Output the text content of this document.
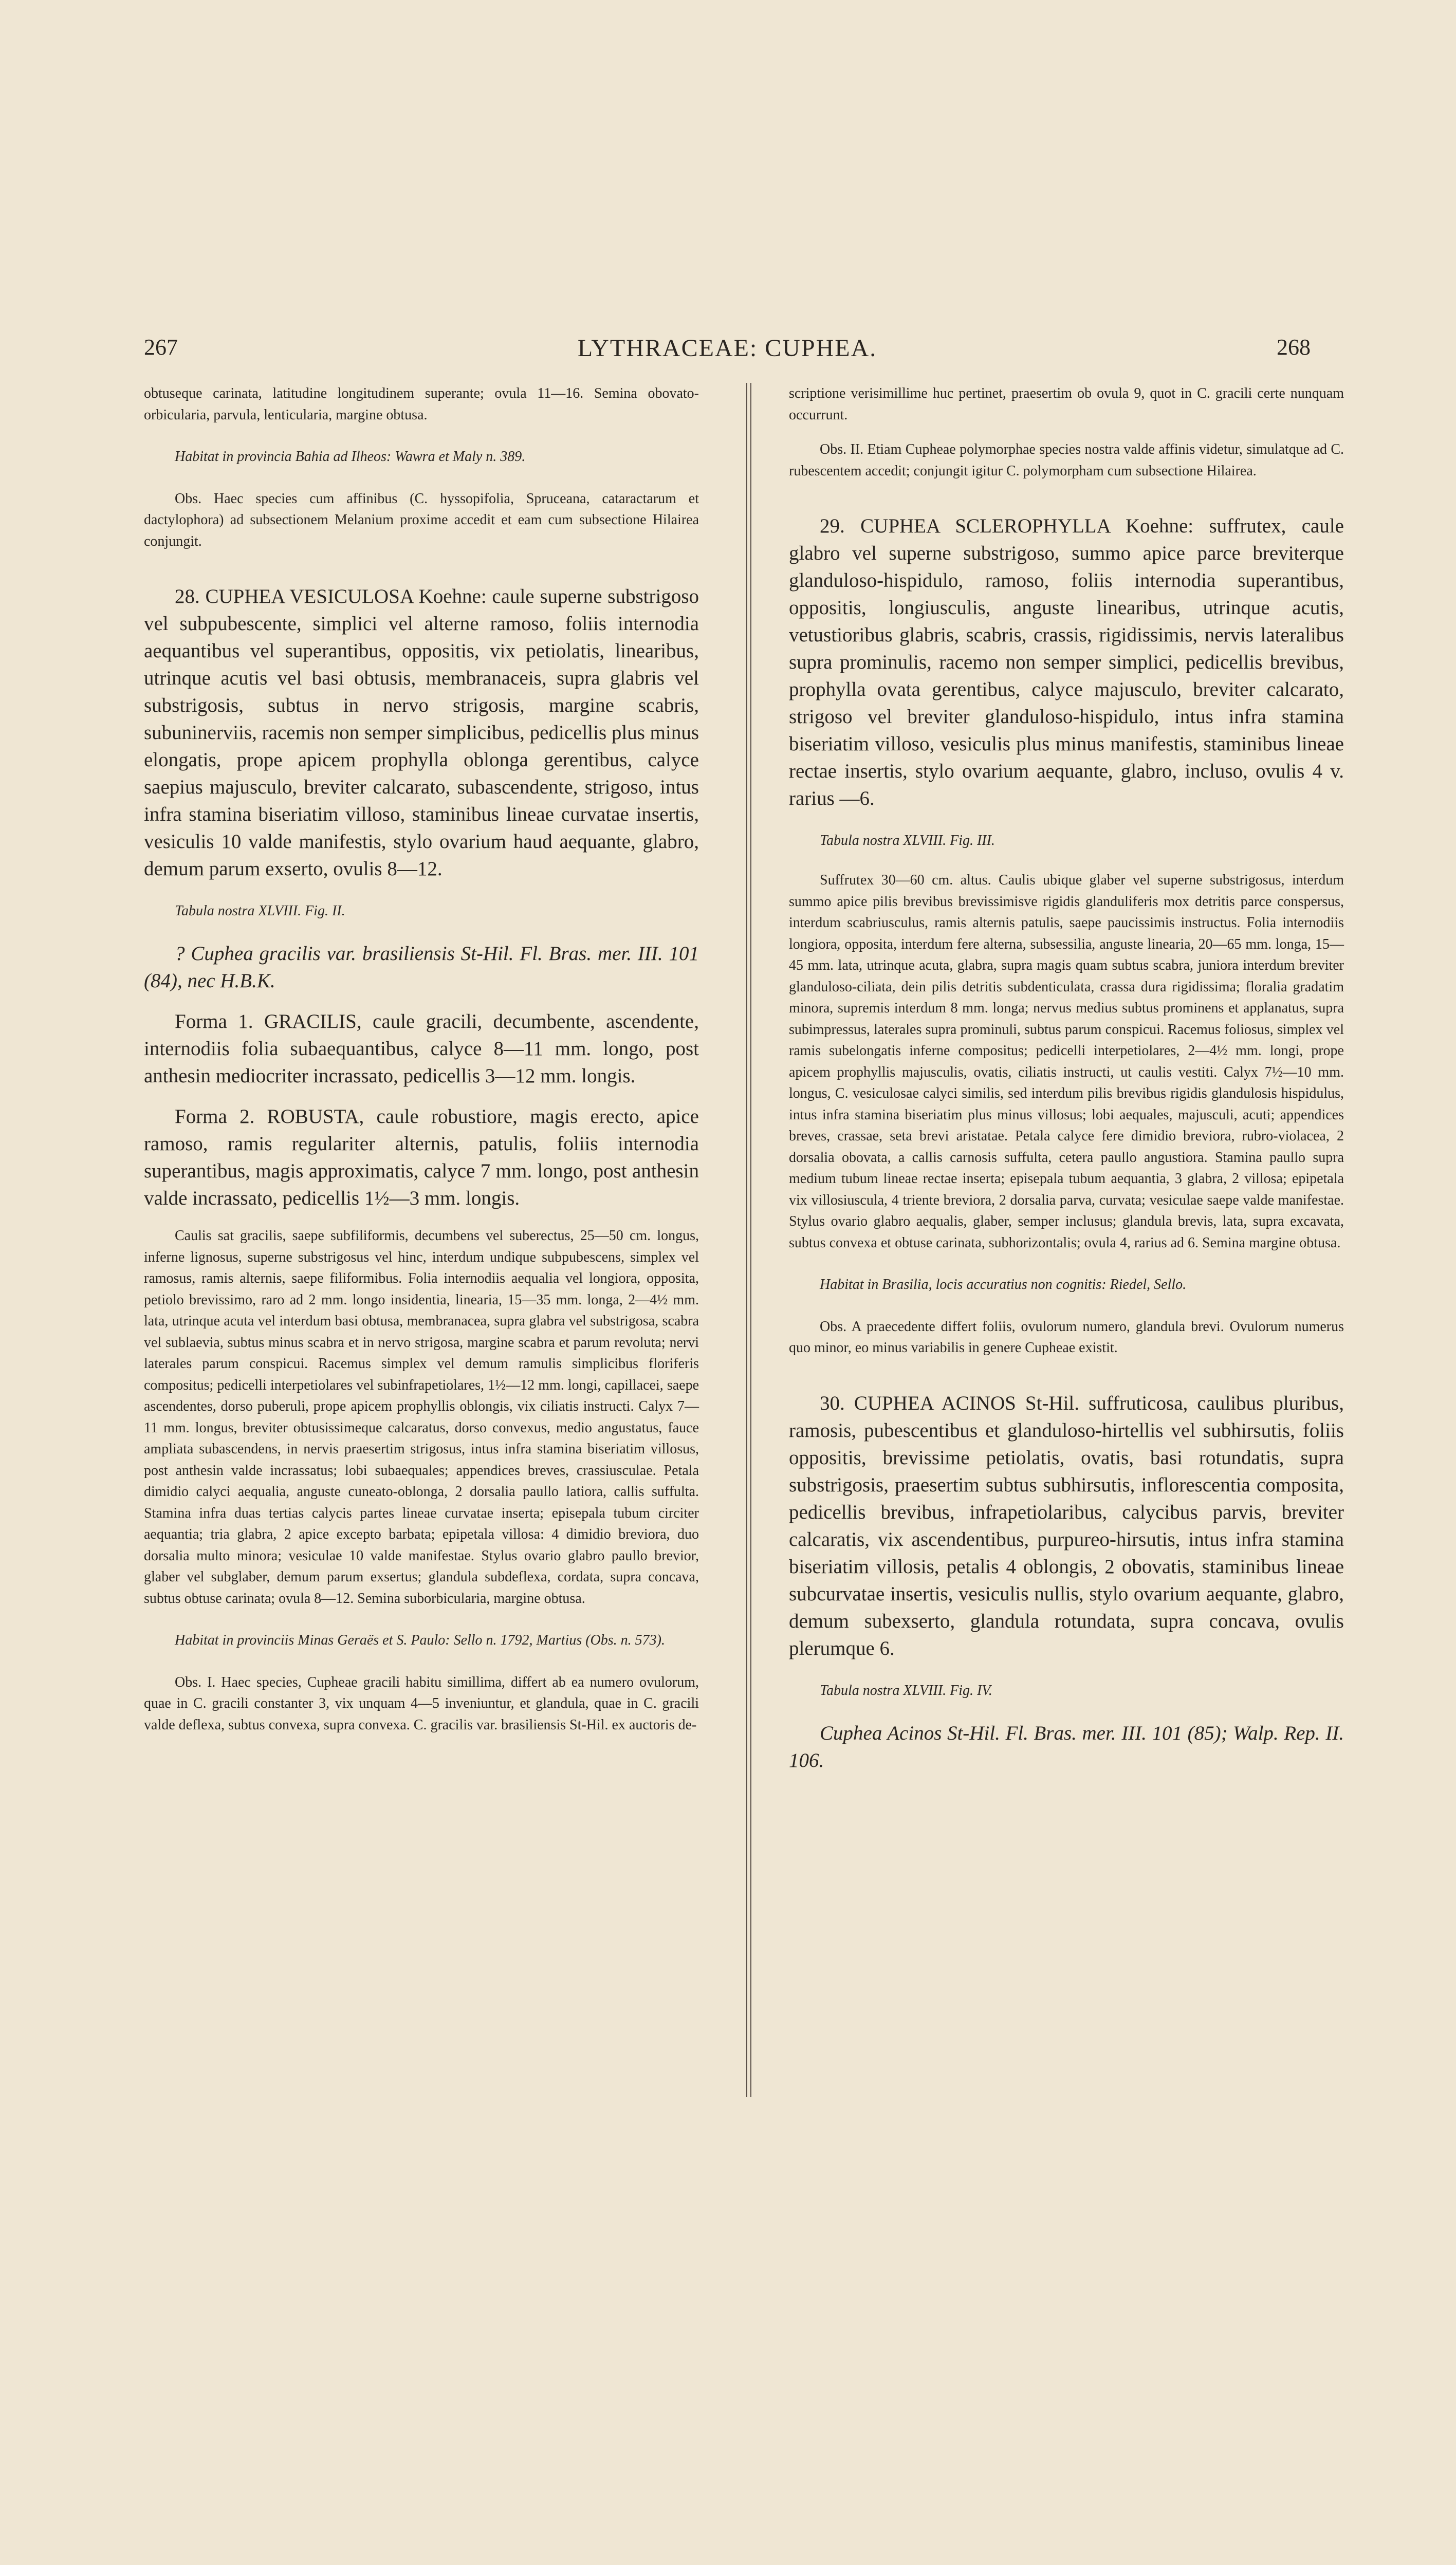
267	LYTHRACEAE: CUPHEA.	268

obtuseque carinata, latitudine longitudinem superante; ovula 11—16. Semina obovato-orbicularia, parvula, lenticularia, margine obtusa.

Habitat in provincia Bahia ad Ilheos: Wawra et Maly n. 389.

Obs. Haec species cum affinibus (C. hyssopifolia, Spruceana, cataractarum et dactylophora) ad subsectionem Melanium proxime accedit et eam cum subsectione Hilairea conjungit.

28. CUPHEA VESICULOSA Koehne: caule superne substrigoso vel subpubescente, simplici vel alterne ramoso, foliis internodia aequantibus vel superantibus, oppositis, vix petiolatis, linearibus, utrinque acutis vel basi obtusis, membranaceis, supra glabris vel substrigosis, subtus in nervo strigosis, margine scabris, subuninerviis, racemis non semper simplicibus, pedicellis plus minus elongatis, prope apicem prophylla oblonga gerentibus, calyce saepius majusculo, breviter calcarato, subascendente, strigoso, intus infra stamina biseriatim villoso, staminibus lineae curvatae insertis, vesiculis 10 valde manifestis, stylo ovarium haud aequante, glabro, demum parum exserto, ovulis 8—12.

Tabula nostra XLVIII. Fig. II.

? Cuphea gracilis var. brasiliensis St-Hil. Fl. Bras. mer. III. 101 (84), nec H.B.K.

Forma 1. GRACILIS, caule gracili, decumbente, ascendente, internodiis folia subaequantibus, calyce 8—11 mm. longo, post anthesin mediocriter incrassato, pedicellis 3—12 mm. longis.

Forma 2. ROBUSTA, caule robustiore, magis erecto, apice ramoso, ramis regulariter alternis, patulis, foliis internodia superantibus, magis approximatis, calyce 7 mm. longo, post anthesin valde incrassato, pedicellis 1½—3 mm. longis.

Caulis sat gracilis, saepe subfiliformis, decumbens vel suberectus, 25—50 cm. longus, inferne lignosus, superne substrigosus vel hinc, interdum undique subpubescens, simplex vel ramosus, ramis alternis, saepe filiformibus. Folia internodiis aequalia vel longiora, opposita, petiolo brevissimo, raro ad 2 mm. longo insidentia, linearia, 15—35 mm. longa, 2—4½ mm. lata, utrinque acuta vel interdum basi obtusa, membranacea, supra glabra vel substrigosa, scabra vel sublaevia, subtus minus scabra et in nervo strigosa, margine scabra et parum revoluta; nervi laterales parum conspicui. Racemus simplex vel demum ramulis simplicibus floriferis compositus; pedicelli interpetiolares vel subinfrapetiolares, 1½—12 mm. longi, capillacei, saepe ascendentes, dorso puberuli, prope apicem prophyllis oblongis, vix ciliatis instructi. Calyx 7—11 mm. longus, breviter obtusissimeque calcaratus, dorso convexus, medio angustatus, fauce ampliata subascendens, in nervis praesertim strigosus, intus infra stamina biseriatim villosus, post anthesin valde incrassatus; lobi subaequales; appendices breves, crassiusculae. Petala dimidio calyci aequalia, anguste cuneato-oblonga, 2 dorsalia paullo latiora, callis suffulta. Stamina infra duas tertias calycis partes lineae curvatae inserta; episepala tubum circiter aequantia; tria glabra, 2 apice excepto barbata; epipetala villosa: 4 dimidio breviora, duo dorsalia multo minora; vesiculae 10 valde manifestae. Stylus ovario glabro paullo brevior, glaber vel subglaber, demum parum exsertus; glandula subdeflexa, cordata, supra concava, subtus obtuse carinata; ovula 8—12. Semina suborbicularia, margine obtusa.

Habitat in provinciis Minas Geraës et S. Paulo: Sello n. 1792, Martius (Obs. n. 573).

Obs. I. Haec species, Cupheae gracili habitu simillima, differt ab ea numero ovulorum, quae in C. gracili constanter 3, vix unquam 4—5 inveniuntur, et glandula, quae in C. gracili valde deflexa, subtus convexa, supra convexa. C. gracilis var. brasiliensis St-Hil. ex auctoris de-

scriptione verisimillime huc pertinet, praesertim ob ovula 9, quot in C. gracili certe nunquam occurrunt.

Obs. II. Etiam Cupheae polymorphae species nostra valde affinis videtur, simulatque ad C. rubescentem accedit; conjungit igitur C. polymorpham cum subsectione Hilairea.

29. CUPHEA SCLEROPHYLLA Koehne: suffrutex, caule glabro vel superne substrigoso, summo apice parce breviterque glanduloso-hispidulo, ramoso, foliis internodia superantibus, oppositis, longiusculis, anguste linearibus, utrinque acutis, vetustioribus glabris, scabris, crassis, rigidissimis, nervis lateralibus supra prominulis, racemo non semper simplici, pedicellis brevibus, prophylla ovata gerentibus, calyce majusculo, breviter calcarato, strigoso vel breviter glanduloso-hispidulo, intus infra stamina biseriatim villoso, vesiculis plus minus manifestis, staminibus lineae rectae insertis, stylo ovarium aequante, glabro, incluso, ovulis 4 v. rarius —6.

Tabula nostra XLVIII. Fig. III.

Suffrutex 30—60 cm. altus. Caulis ubique glaber vel superne substrigosus, interdum summo apice pilis brevibus brevissimisve rigidis glanduliferis mox detritis parce conspersus, interdum scabriusculus, ramis alternis patulis, saepe paucissimis instructus. Folia internodiis longiora, opposita, interdum fere alterna, subsessilia, anguste linearia, 20—65 mm. longa, 15—45 mm. lata, utrinque acuta, glabra, supra magis quam subtus scabra, juniora interdum breviter glanduloso-ciliata, dein pilis detritis subdenticulata, crassa dura rigidissima; floralia gradatim minora, supremis interdum 8 mm. longa; nervus medius subtus prominens et applanatus, supra subimpressus, laterales supra prominuli, subtus parum conspicui. Racemus foliosus, simplex vel ramis subelongatis inferne compositus; pedicelli interpetiolares, 2—4½ mm. longi, prope apicem prophyllis majusculis, ovatis, ciliatis instructi, ut caulis vestiti. Calyx 7½—10 mm. longus, C. vesiculosae calyci similis, sed interdum pilis brevibus rigidis glandulosis hispidulus, intus infra stamina biseriatim plus minus villosus; lobi aequales, majusculi, acuti; appendices breves, crassae, seta brevi aristatae. Petala calyce fere dimidio breviora, rubro-violacea, 2 dorsalia obovata, a callis carnosis suffulta, cetera paullo angustiora. Stamina paullo supra medium tubum lineae rectae inserta; episepala tubum aequantia, 3 glabra, 2 villosa; epipetala vix villosiuscula, 4 triente breviora, 2 dorsalia parva, curvata; vesiculae saepe valde manifestae. Stylus ovario glabro aequalis, glaber, semper inclusus; glandula brevis, lata, supra excavata, subtus convexa et obtuse carinata, subhorizontalis; ovula 4, rarius ad 6. Semina margine obtusa.

Habitat in Brasilia, locis accuratius non cognitis: Riedel, Sello.

Obs. A praecedente differt foliis, ovulorum numero, glandula brevi. Ovulorum numerus quo minor, eo minus variabilis in genere Cupheae existit.

30. CUPHEA ACINOS St-Hil. suffruticosa, caulibus pluribus, ramosis, pubescentibus et glanduloso-hirtellis vel subhirsutis, foliis oppositis, brevissime petiolatis, ovatis, basi rotundatis, supra substrigosis, praesertim subtus subhirsutis, inflorescentia composita, pedicellis brevibus, infrapetiolaribus, calycibus parvis, breviter calcaratis, vix ascendentibus, purpureo-hirsutis, intus infra stamina biseriatim villosis, petalis 4 oblongis, 2 obovatis, staminibus lineae subcurvatae insertis, vesiculis nullis, stylo ovarium aequante, glabro, demum subexserto, glandula rotundata, supra concava, ovulis plerumque 6.

Tabula nostra XLVIII. Fig. IV.

Cuphea Acinos St-Hil. Fl. Bras. mer. III. 101 (85); Walp. Rep. II. 106.
